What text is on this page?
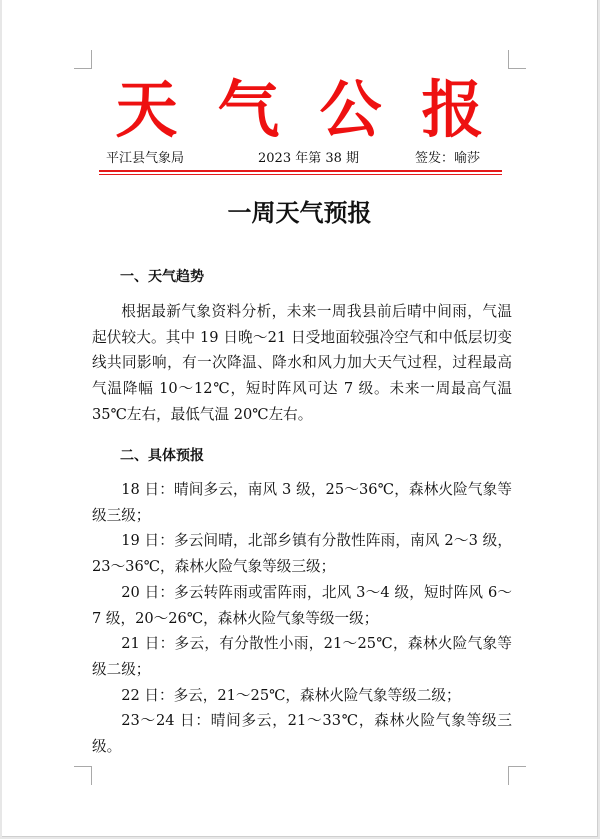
天气公报
平江县气象局	2023 年第 38 期	签发：喻莎
一周天气预报
一、天气趋势

根据最新气象资料分析，未来一周我县前后晴中间雨，气温起伏较大。其中 19 日晚～21 日受地面较强冷空气和中低层切变线共同影响，有一次降温、降水和风力加大天气过程，过程最高气温降幅 10～12℃，短时阵风可达 7 级。未来一周最高气温 35℃左右，最低气温 20℃左右。

二、具体预报
18 日：晴间多云，南风 3 级，25～36℃，森林火险气象等级三级；
19 日：多云间晴，北部乡镇有分散性阵雨，南风 2～3 级，23～36℃，森林火险气象等级三级；
20 日：多云转阵雨或雷阵雨，北风 3～4 级，短时阵风 6～7 级，20～26℃，森林火险气象等级一级；
21 日：多云，有分散性小雨，21～25℃，森林火险气象等级二级；
22 日：多云，21～25℃，森林火险气象等级二级；
23～24 日：晴间多云，21～33℃，森林火险气象等级三级。
